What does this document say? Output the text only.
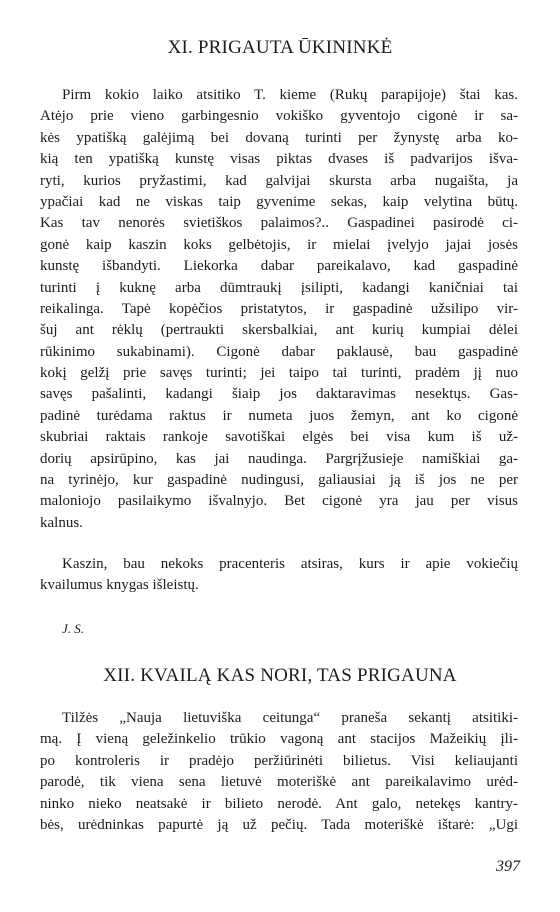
XI. PRIGAUTA ŪKININKĖ
Pirm kokio laiko atsitiko T. kieme (Rukų parapijoje) štai kas.
Atėjo prie vieno garbingesnio vokiško gyventojo cigonė ir sa-
kės ypatišką galėjimą bei dovaną turinti per žynystę arba ko-
kią ten ypatišką kunstę visas piktas dvases iš padvarijos išva-
ryti, kurios pryžastimi, kad galvijai skursta arba nugaišta, ja
ypačiai kad ne viskas taip gyvenime sekas, kaip velytina būtų.
Kas tav nenorės svietiškos palaimos?.. Gaspadinei pasirodė ci-
gonė kaip kaszin koks gelbėtojis, ir mielai įvelyjo jajai josės
kunstę išbandyti. Liekorka dabar pareikalavo, kad gaspadinė
turinti į kuknę arba dūmtraukį įsilipti, kadangi kaničniai tai
reikalinga. Tapė kopėčios pristatytos, ir gaspadinė užsilipo vir-
šuj ant rėklų (pertraukti skersbalkiai, ant kurių kumpiai dėlei
rūkinimo sukabinami). Cigonė dabar paklausė, bau gaspadinė
kokį gelžį prie savęs turinti; jei taipo tai turinti, pradėm jį nuo
savęs pašalinti, kadangi šiaip jos daktaravimas nesektųs. Gas-
padinė turėdama raktus ir numeta juos žemyn, ant ko cigonė
skubriai raktais rankoje savotiškai elgės bei visa kum iš už-
dorių apsirūpino, kas jai naudinga. Pargrįžusieje namiškiai ga-
na tyrinėjo, kur gaspadinė nudingusi, galiausiai ją iš jos ne per
maloniojo pasilaikymo išvalnyjo. Bet cigonė yra jau per visus
kalnus.
Kaszin, bau nekoks pracenteris atsiras, kurs ir apie vokiečių
kvailumus knygas išleistų.

J. S.

XII. KVAILĄ KAS NORI, TAS PRIGAUNA
Tilžės „Nauja lietuviška ceitunga“ praneša sekantį atsitiki-
mą. Į vieną geležinkelio trūkio vagoną ant stacijos Mažeikių įli-
po kontroleris ir pradėjo peržiūrinėti bilietus. Visi keliaujanti
parodė, tik viena sena lietuvė moteriškė ant pareikalavimo urėd-
ninko nieko neatsakė ir bilieto nerodė. Ant galo, netekęs kantry-
bės, urėdninkas papurtė ją už pečių. Tada moteriškė ištarė: „Ugi

397
